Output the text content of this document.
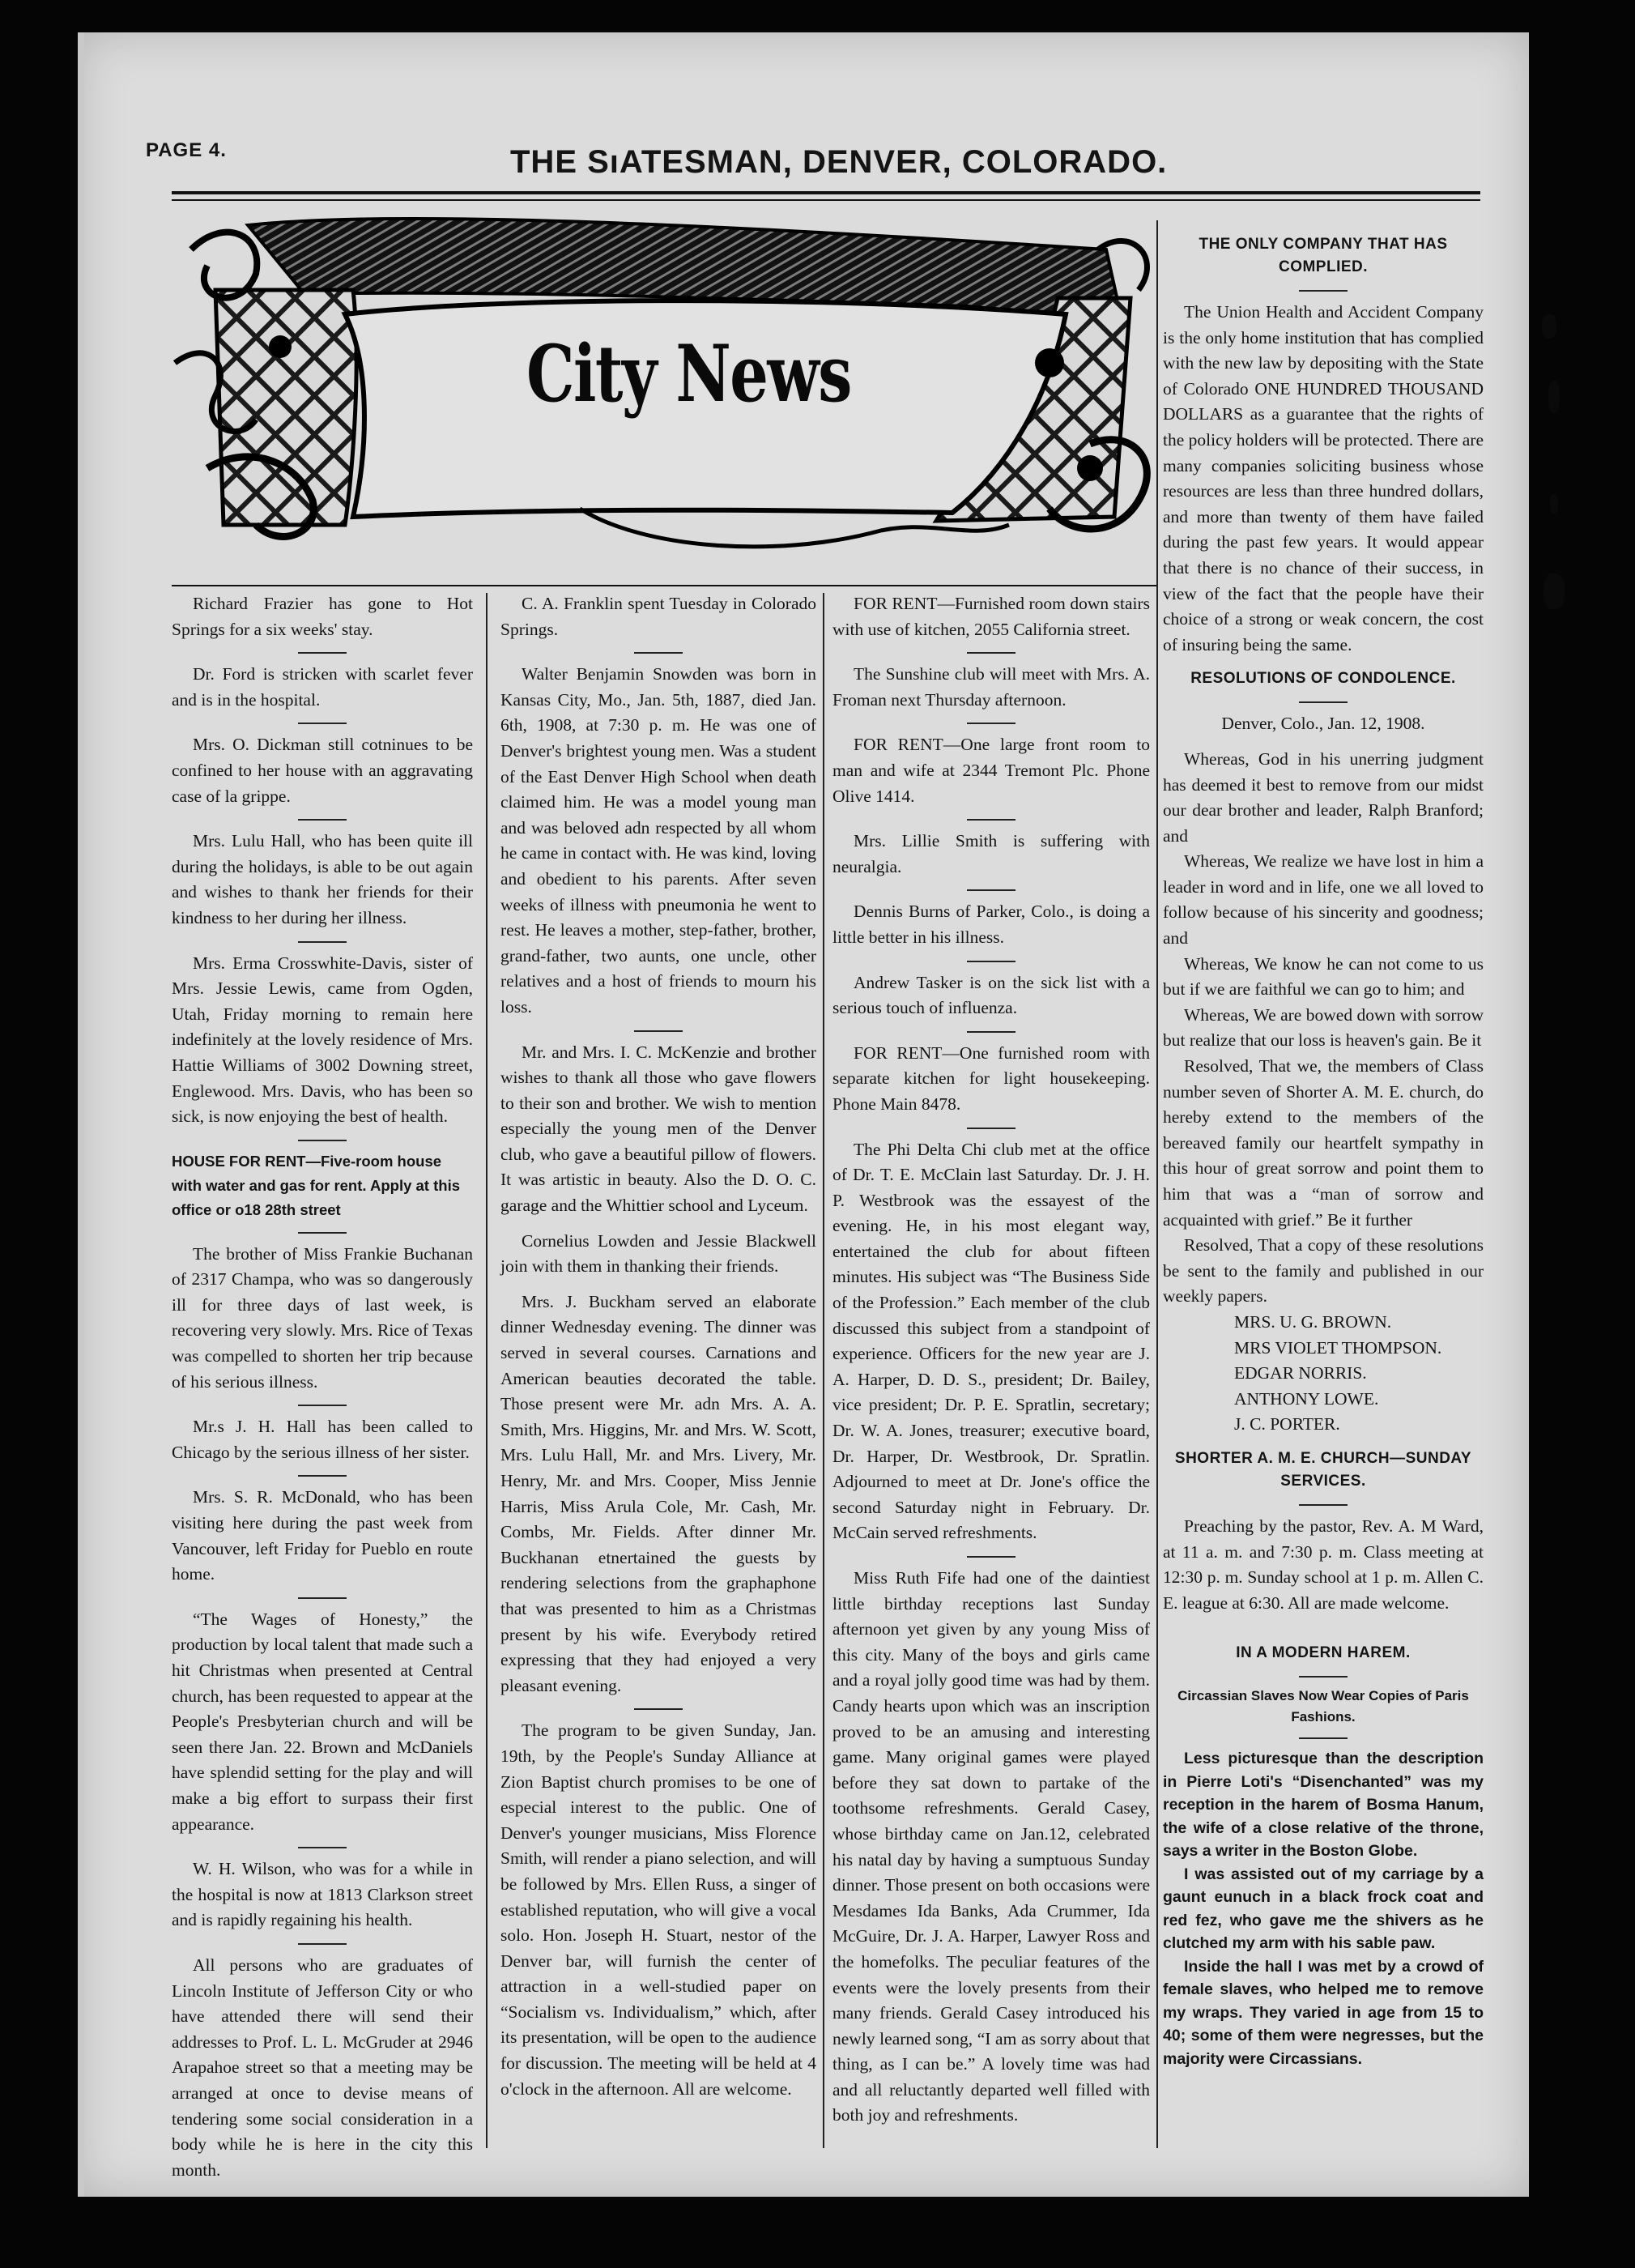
PAGE 4.	THE SıATESMAN, DENVER, COLORADO.
City News

Richard Frazier has gone to Hot Springs for a six weeks' stay.

Dr. Ford is stricken with scarlet fever and is in the hospital.

Mrs. O. Dickman still cotninues to be confined to her house with an aggravating case of la grippe.

Mrs. Lulu Hall, who has been quite ill during the holidays, is able to be out again and wishes to thank her friends for their kindness to her during her illness.

Mrs. Erma Crosswhite-Davis, sister of Mrs. Jessie Lewis, came from Ogden, Utah, Friday morning to remain here indefinitely at the lovely residence of Mrs. Hattie Williams of 3002 Downing street, Englewood. Mrs. Davis, who has been so sick, is now enjoying the best of health.

HOUSE FOR RENT—Five-room house with water and gas for rent. Apply at this office or ο18 28th street

The brother of Miss Frankie Buchanan of 2317 Champa, who was so dangerously ill for three days of last week, is recovering very slowly. Mrs. Rice of Texas was compelled to shorten her trip because of his serious illness.

Mr.s J. H. Hall has been called to Chicago by the serious illness of her sister.

Mrs. S. R. McDonald, who has been visiting here during the past week from Vancouver, left Friday for Pueblo en route home.

“The Wages of Honesty,” the production by local talent that made such a hit Christmas when presented at Central church, has been requested to appear at the People's Presbyterian church and will be seen there Jan. 22. Brown and McDaniels have splendid setting for the play and will make a big effort to surpass their first appearance.

W. H. Wilson, who was for a while in the hospital is now at 1813 Clarkson street and is rapidly regaining his health.

All persons who are graduates of Lincoln Institute of Jefferson City or who have attended there will send their addresses to Prof. L. L. McGruder at 2946 Arapahoe street so that a meeting may be arranged at once to devise means of tendering some social consideration in a body while he is here in the city this month.

C. A. Franklin spent Tuesday in Colorado Springs.

Walter Benjamin Snowden was born in Kansas City, Mo., Jan. 5th, 1887, died Jan. 6th, 1908, at 7:30 p. m. He was one of Denver's brightest young men. Was a student of the East Denver High School when death claimed him. He was a model young man and was beloved adn respected by all whom he came in contact with. He was kind, loving and obedient to his parents. After seven weeks of illness with pneumonia he went to rest. He leaves a mother, step-father, brother, grand-father, two aunts, one uncle, other relatives and a host of friends to mourn his loss.

Mr. and Mrs. I. C. McKenzie and brother wishes to thank all those who gave flowers to their son and brother. We wish to mention especially the young men of the Denver club, who gave a beautiful pillow of flowers. It was artistic in beauty. Also the D. O. C. garage and the Whittier school and Lyceum.

Cornelius Lowden and Jessie Blackwell join with them in thanking their friends.

Mrs. J. Buckham served an elaborate dinner Wednesday evening. The dinner was served in several courses. Carnations and American beauties decorated the table. Those present were Mr. adn Mrs. A. A. Smith, Mrs. Higgins, Mr. and Mrs. W. Scott, Mrs. Lulu Hall, Mr. and Mrs. Livery, Mr. Henry, Mr. and Mrs. Cooper, Miss Jennie Harris, Miss Arula Cole, Mr. Cash, Mr. Combs, Mr. Fields. After dinner Mr. Buckhanan etnertained the guests by rendering selections from the graphaphone that was presented to him as a Christmas present by his wife. Everybody retired expressing that they had enjoyed a very pleasant evening.

The program to be given Sunday, Jan. 19th, by the People's Sunday Alliance at Zion Baptist church promises to be one of especial interest to the public. One of Denver's younger musicians, Miss Florence Smith, will render a piano selection, and will be followed by Mrs. Ellen Russ, a singer of established reputation, who will give a vocal solo. Hon. Joseph H. Stuart, nestor of the Denver bar, will furnish the center of attraction in a well-studied paper on “Socialism vs. Individualism,” which, after its presentation, will be open to the audience for discussion. The meeting will be held at 4 o'clock in the afternoon. All are welcome.

FOR RENT—Furnished room down stairs with use of kitchen, 2055 California street.

The Sunshine club will meet with Mrs. A. Froman next Thursday afternoon.

FOR RENT—One large front room to man and wife at 2344 Tremont Plc. Phone Olive 1414.

Mrs. Lillie Smith is suffering with neuralgia.

Dennis Burns of Parker, Colo., is doing a little better in his illness.

Andrew Tasker is on the sick list with a serious touch of influenza.

FOR RENT—One furnished room with separate kitchen for light housekeeping. Phone Main 8478.

The Phi Delta Chi club met at the office of Dr. T. E. McClain last Saturday. Dr. J. H. P. Westbrook was the essayest of the evening. He, in his most elegant way, entertained the club for about fifteen minutes. His subject was “The Business Side of the Profession.” Each member of the club discussed this subject from a standpoint of experience. Officers for the new year are J. A. Harper, D. D. S., president; Dr. Bailey, vice president; Dr. P. E. Spratlin, secretary; Dr. W. A. Jones, treasurer; executive board, Dr. Harper, Dr. Westbrook, Dr. Spratlin. Adjourned to meet at Dr. Jone's office the second Saturday night in February. Dr. McCain served refreshments.

Miss Ruth Fife had one of the daintiest little birthday receptions last Sunday afternoon yet given by any young Miss of this city. Many of the boys and girls came and a royal jolly good time was had by them. Candy hearts upon which was an inscription proved to be an amusing and interesting game. Many original games were played before they sat down to partake of the toothsome refreshments. Gerald Casey, whose birthday came on Jan.12, celebrated his natal day by having a sumptuous Sunday dinner. Those present on both occasions were Mesdames Ida Banks, Ada Crummer, Ida McGuire, Dr. J. A. Harper, Lawyer Ross and the homefolks. The peculiar features of the events were the lovely presents from their many friends. Gerald Casey introduced his newly learned song, “I am as sorry about that thing, as I can be.” A lovely time was had and all reluctantly departed well filled with both joy and refreshments.

THE ONLY COMPANY THAT HAS COMPLIED.

The Union Health and Accident Company is the only home institution that has complied with the new law by depositing with the State of Colorado ONE HUNDRED THOUSAND DOLLARS as a guarantee that the rights of the policy holders will be protected. There are many companies soliciting business whose resources are less than three hundred dollars, and more than twenty of them have failed during the past few years. It would appear that there is no chance of their success, in view of the fact that the people have their choice of a strong or weak concern, the cost of insuring being the same.

RESOLUTIONS OF CONDOLENCE.

Denver, Colo., Jan. 12, 1908.

Whereas, God in his unerring judgment has deemed it best to remove from our midst our dear brother and leader, Ralph Branford; and

Whereas, We realize we have lost in him a leader in word and in life, one we all loved to follow because of his sincerity and goodness; and

Whereas, We know he can not come to us but if we are faithful we can go to him; and

Whereas, We are bowed down with sorrow but realize that our loss is heaven's gain. Be it

Resolved, That we, the members of Class number seven of Shorter A. M. E. church, do hereby extend to the members of the bereaved family our heartfelt sympathy in this hour of great sorrow and point them to him that was a “man of sorrow and acquainted with grief.” Be it further

Resolved, That a copy of these resolutions be sent to the family and published in our weekly papers.

MRS. U. G. BROWN.

MRS VIOLET THOMPSON.

EDGAR NORRIS.

ANTHONY LOWE.

J. C. PORTER.

SHORTER A. M. E. CHURCH—SUNDAY SERVICES.

Preaching by the pastor, Rev. A. M Ward, at 11 a. m. and 7:30 p. m. Class meeting at 12:30 p. m. Sunday school at 1 p. m. Allen C. E. league at 6:30. All are made welcome.

IN A MODERN HAREM.
Circassian Slaves Now Wear Copies of Paris Fashions.

Less picturesque than the description in Pierre Loti's “Disenchanted” was my reception in the harem of Bosma Hanum, the wife of a close relative of the throne, says a writer in the Boston Globe.

I was assisted out of my carriage by a gaunt eunuch in a black frock coat and red fez, who gave me the shivers as he clutched my arm with his sable paw.

Inside the hall I was met by a crowd of female slaves, who helped me to remove my wraps. They varied in age from 15 to 40; some of them were negresses, but the majority were Circassians.
